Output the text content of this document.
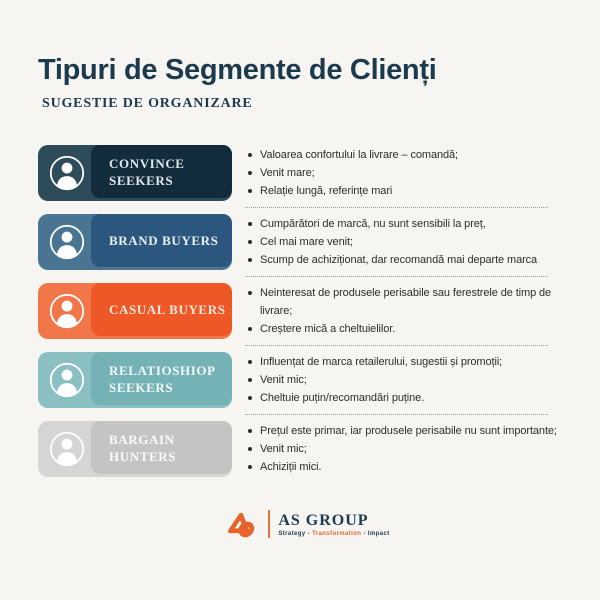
Tipuri de Segmente de Clienți
SUGESTIE DE ORGANIZARE
CONVINCE SEEKERS
Valoarea confortului la livrare – comandă;
Venit mare;
Relație lungă, referințe mari
BRAND BUYERS
Cumpărători de marcă, nu sunt sensibili la preț,
Cel mai mare venit;
Scump de achiziționat, dar recomandă mai departe marca
CASUAL BUYERS
Neinteresat de produsele perisabile sau ferestrele de timp de livrare;
Creștere mică a cheltuielilor.
RELATIOSHIOP SEEKERS
Influențat de marca retailerului, sugestii și promoții;
Venit mic;
Cheltuie puțin/recomandări puține.
BARGAIN HUNTERS
Prețul este primar, iar produsele perisabile nu sunt importante;
Venit mic;
Achiziții mici.
AS GROUP
Strategy - Transformation - Impact
